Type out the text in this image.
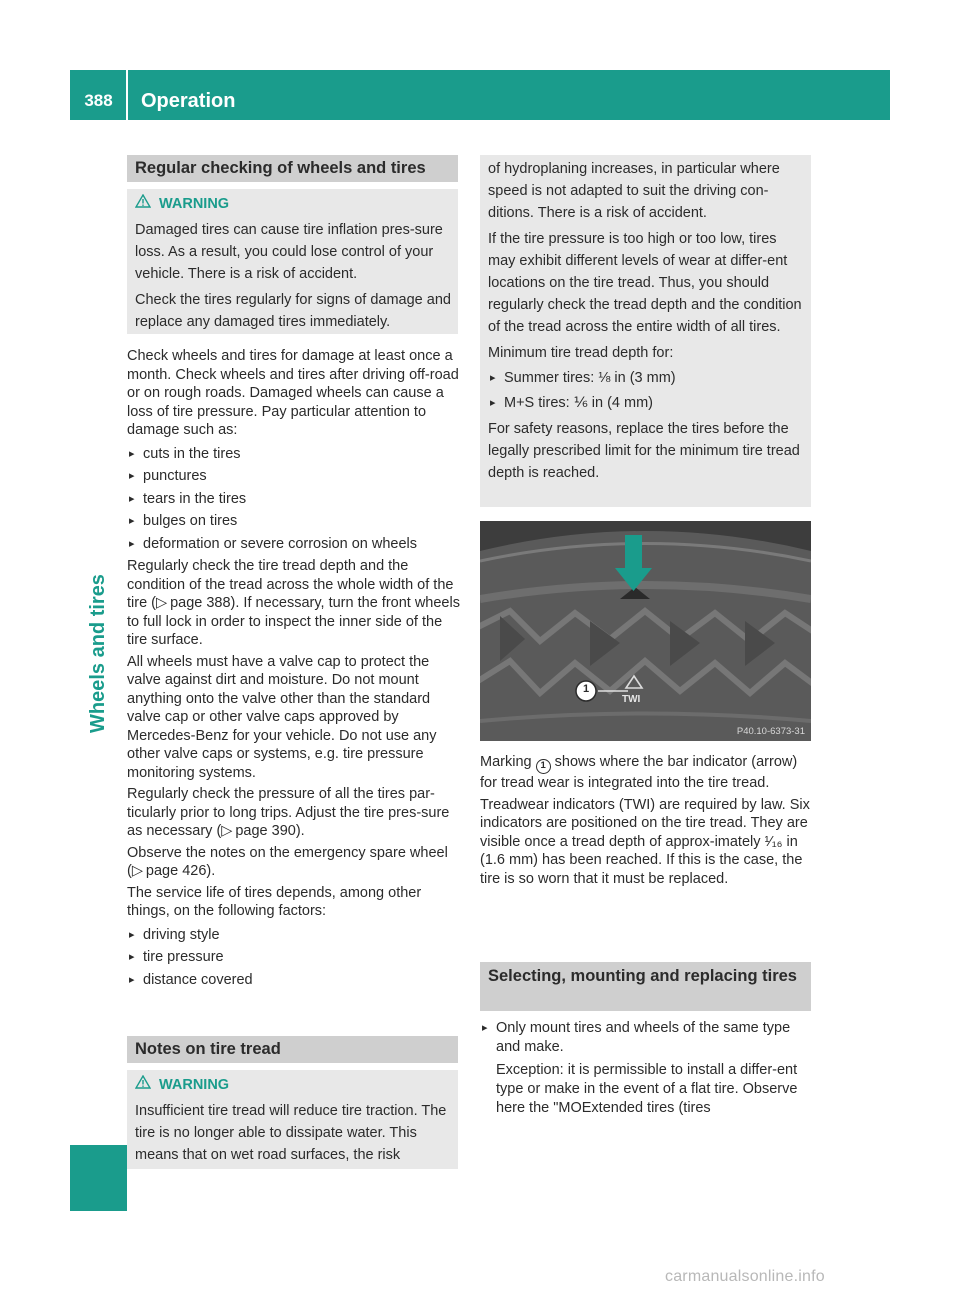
388	Operation
Wheels and tires
Regular checking of wheels and tires
WARNING

Damaged tires can cause tire inflation pres-sure loss. As a result, you could lose control of your vehicle. There is a risk of accident.

Check the tires regularly for signs of damage and replace any damaged tires immediately.

Check wheels and tires for damage at least once a month. Check wheels and tires after driving off-road or on rough roads. Damaged wheels can cause a loss of tire pressure. Pay particular attention to damage such as:

▸ cuts in the tires
▸ punctures
▸ tears in the tires
▸ bulges on tires
▸ deformation or severe corrosion on wheels

Regularly check the tire tread depth and the condition of the tread across the whole width of the tire (▷  page 388). If necessary, turn the front wheels to full lock in order to inspect the inner side of the tire surface.

All wheels must have a valve cap to protect the valve against dirt and moisture. Do not mount anything onto the valve other than the standard valve cap or other valve caps approved by Mercedes-Benz for your vehicle. Do not use any other valve caps or systems, e.g. tire pressure monitoring systems.

Regularly check the pressure of all the tires par-ticularly prior to long trips. Adjust the tire pres-sure as necessary (▷  page 390).

Observe the notes on the emergency spare wheel (▷  page 426).

The service life of tires depends, among other things, on the following factors:

▸ driving style
▸ tire pressure
▸ distance covered
Notes on tire tread
WARNING

Insufficient tire tread will reduce tire traction. The tire is no longer able to dissipate water. This means that on wet road surfaces, the risk

of hydroplaning increases, in particular where speed is not adapted to suit the driving con-ditions. There is a risk of accident.

If the tire pressure is too high or too low, tires may exhibit different levels of wear at differ-ent locations on the tire tread. Thus, you should regularly check the tread depth and the condition of the tread across the entire width of all tires.

Minimum tire tread depth for:

▸ Summer tires: ⅛ in (3 mm)
▸ M+S tires: ⅙ in (4 mm)

For safety reasons, replace the tires before the legally prescribed limit for the minimum tire tread depth is reached.

TWI
1
P40.10-6373-31

Marking 1 shows where the bar indicator (arrow) for tread wear is integrated into the tire tread.

Treadwear indicators (TWI) are required by law. Six indicators are positioned on the tire tread. They are visible once a tread depth of approx-imately ¹⁄₁₆ in (1.6 mm) has been reached. If this is the case, the tire is so worn that it must be replaced.

Selecting, mounting and replacing tires
▸ Only mount tires and wheels of the same type and make.
Exception: it is permissible to install a differ-ent type or make in the event of a flat tire. Observe here the "MOExtended tires (tires
carmanualsonline.info
